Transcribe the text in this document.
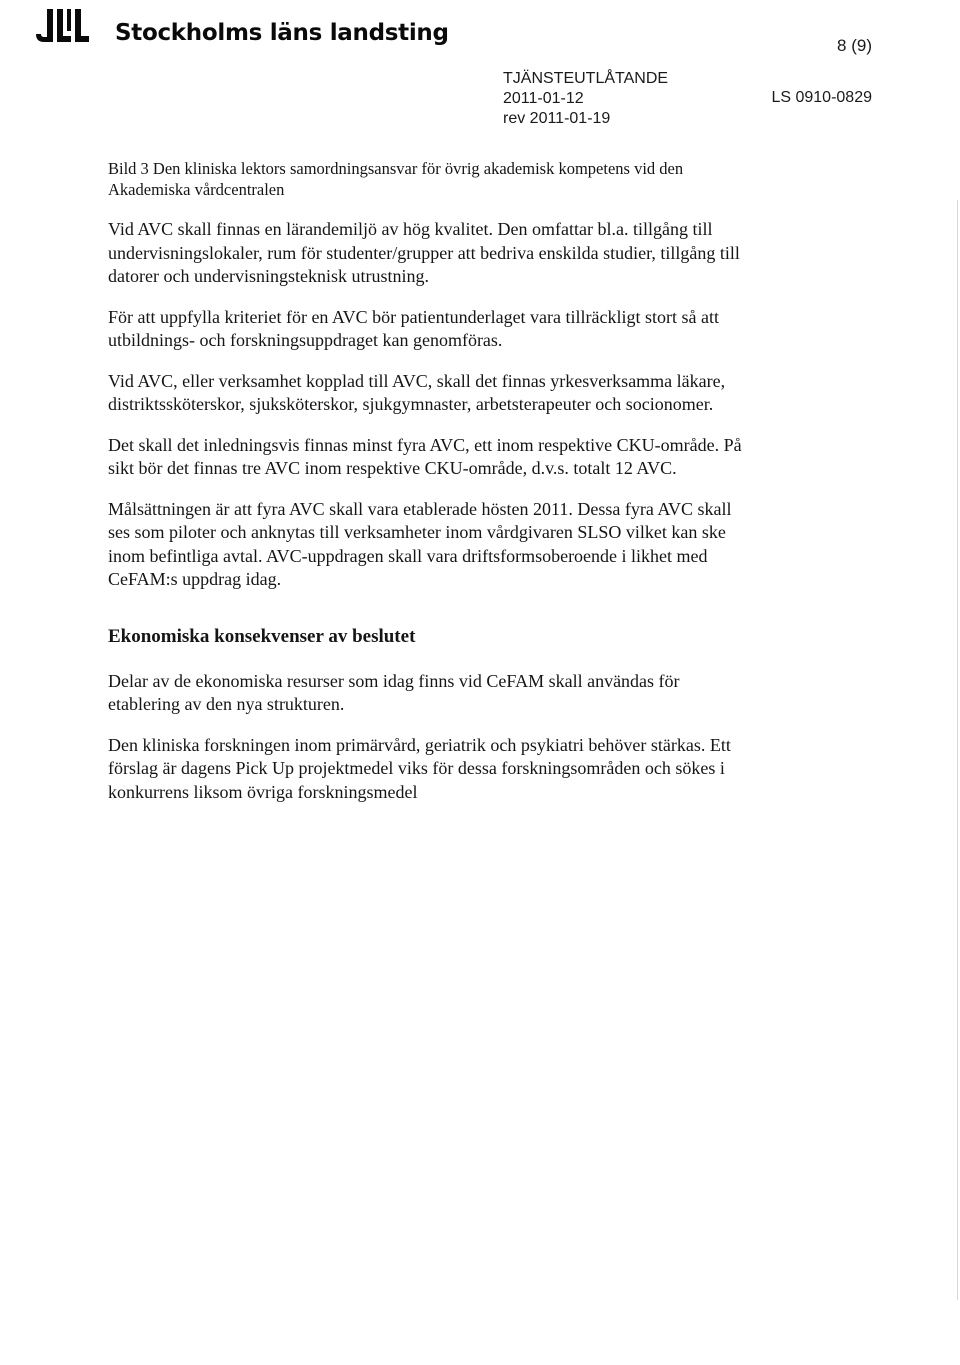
Stockholms läns landsting	8 (9)
TJÄNSTEUTLÅTANDE
2011-01-12
rev 2011-01-19
LS 0910-0829

Bild 3 Den kliniska lektors samordningsansvar för övrig akademisk kompetens vid den Akademiska vårdcentralen

Vid AVC skall finnas en lärandemiljö av hög kvalitet. Den omfattar bl.a. tillgång till undervisningslokaler, rum för studenter/grupper att bedriva enskilda studier, tillgång till datorer och undervisningsteknisk utrustning.

För att uppfylla kriteriet för en AVC bör patientunderlaget vara tillräckligt stort så att utbildnings- och forskningsuppdraget kan genomföras.

Vid AVC, eller verksamhet kopplad till AVC, skall det finnas yrkesverksamma läkare, distriktssköterskor, sjuksköterskor, sjukgymnaster, arbetsterapeuter och socionomer.

Det skall det inledningsvis finnas minst fyra AVC, ett inom respektive CKU-område. På sikt bör det finnas tre AVC inom respektive CKU-område, d.v.s. totalt 12 AVC.

Målsättningen är att fyra AVC skall vara etablerade hösten 2011. Dessa fyra AVC skall ses som piloter och anknytas till verksamheter inom vårdgivaren SLSO vilket kan ske inom befintliga avtal. AVC-uppdragen skall vara driftsformsoberoende i likhet med CeFAM:s uppdrag idag.

Ekonomiska konsekvenser av beslutet

Delar av de ekonomiska resurser som idag finns vid CeFAM skall användas för etablering av den nya strukturen.

Den kliniska forskningen inom primärvård, geriatrik och psykiatri behöver stärkas. Ett förslag är dagens Pick Up projektmedel viks för dessa forskningsområden och sökes i konkurrens liksom övriga forskningsmedel
